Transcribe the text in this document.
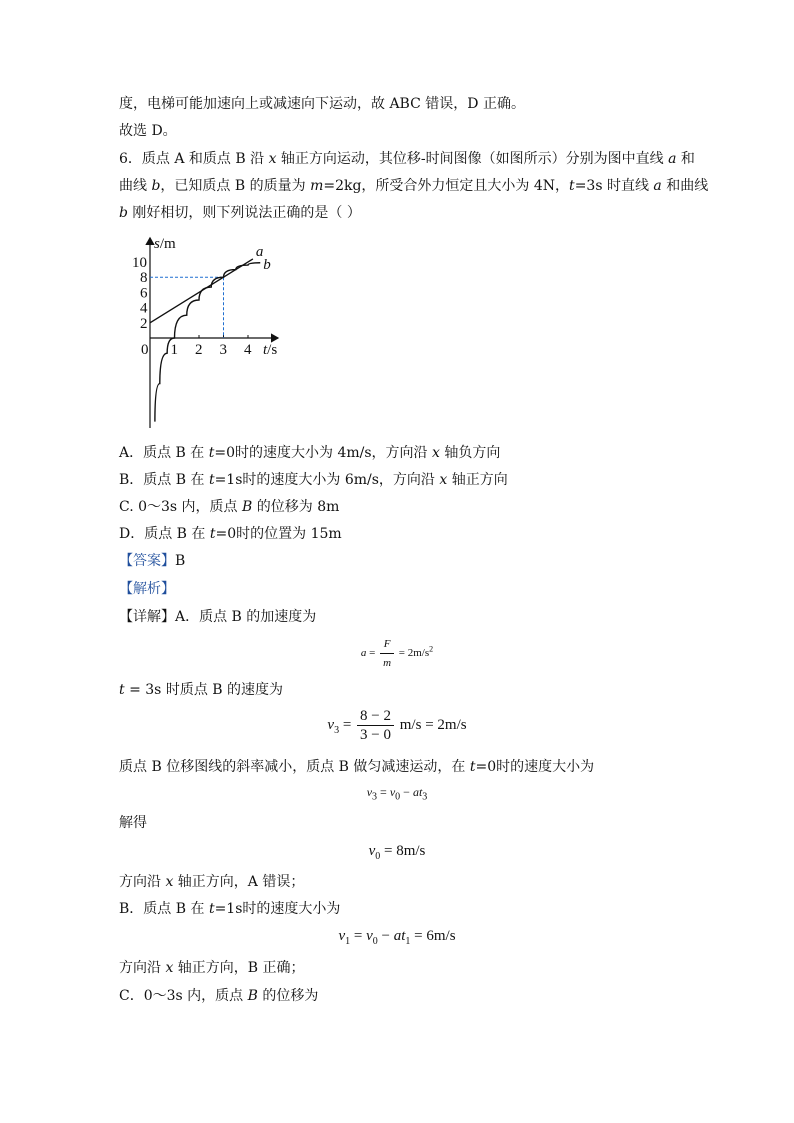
度，电梯可能加速向上或减速向下运动，故 ABC 错误，D 正确。
故选 D。
6．质点 A 和质点 B 沿 x 轴正方向运动，其位移-时间图像（如图所示）分别为图中直线 a 和
曲线 b，已知质点 B 的质量为 m=2kg，所受合外力恒定且大小为 4N，t=3s 时直线 a 和曲线
b 刚好相切，则下列说法正确的是（ ）
s/m
t/s
0 1 2 3 4
2
4
6
8
10
a
b
A．质点 B 在 t=0时的速度大小为 4m/s，方向沿 x 轴负方向
B．质点 B 在 t=1s时的速度大小为 6m/s，方向沿 x 轴正方向
C. 0～3s 内，质点 B 的位移为 8m
D．质点 B 在 t=0时的位置为 15m
【答案】B
【解析】
【详解】A．质点 B 的加速度为
$a = \frac{F}{m} = 2m/s^2$
t = 3s 时质点 B 的速度为
$v_3 = \frac{8 - 2}{3 - 0} m/s = 2m/s$
质点 B 位移图线的斜率减小，质点 B 做匀减速运动，在 t=0时的速度大小为
$v_3 = v_0 - at_3$
解得
$v_0 = 8m/s$
方向沿 x 轴正方向，A 错误；
B．质点 B 在 t=1s时的速度大小为
$v_1 = v_0 - at_1 = 6m/s$
方向沿 x 轴正方向，B 正确；
C．0～3s 内，质点 B 的位移为
